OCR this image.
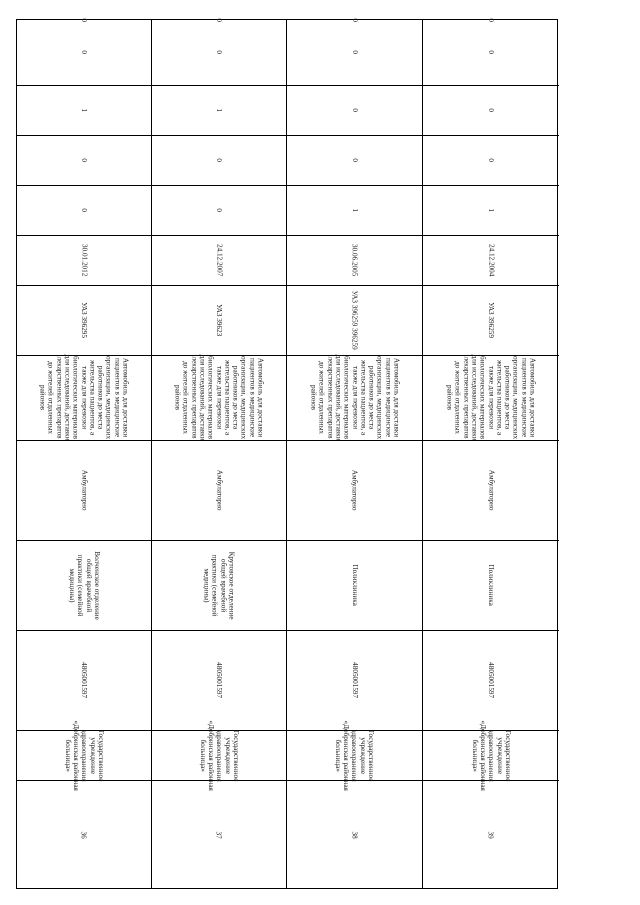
36
Государственное
учреждение
здравоохранения
«Добринская районная
больница»
4805001597
Волченское отделение
общей врачебной
практики (семейной
медицины)
Амбулаторно
Автомобиль для доставки
пациентов в медицинские
организации, медицинских
работников до места
жительства пациентов, а
также для перевозки
биологических материалов
для исследований, доставки
лекарственных препаратов
до жителей отдаленных
районов
УАЗ 396295
30.01.2012
0
0
1
0
0
37
Государственное
учреждение
здравоохранения
«Добринская районная
больница»
4805001597
Крутовское отделение
общей врачебной
практики (семейной
медицины)
Амбулаторно
Автомобиль для доставки
пациентов в медицинские
организации, медицинских
работников до места
жительства пациентов, а
также для перевозки
биологических материалов
для исследований, доставки
лекарственных препаратов
до жителей отдаленных
районов
УАЗ 39623
24.12.2007
0
0
1
0
0
38
Государственное
учреждение
здравоохранения
«Добринская районная
больница»
4805001597
Поликлиника
Амбулаторно
Автомобиль для доставки
пациентов в медицинские
организации, медицинских
работников до места
жительства пациентов, а
также для перевозки
биологических материалов
для исследований, доставки
лекарственных препаратов
до жителей отдаленных
районов
УАЗ 396259 396259
30.06.2005
1
0
0
0
0
39
Государственное
учреждение
здравоохранения
«Добринская районная
больница»
4805001597
Поликлиника
Амбулаторно
Автомобиль для доставки
пациентов в медицинские
организации, медицинских
работников до места
жительства пациентов, а
также для перевозки
биологических материалов
для исследований, доставки
лекарственных препаратов
до жителей отдаленных
районов
УАЗ 396259
24.12.2004
1
0
0
0
0
